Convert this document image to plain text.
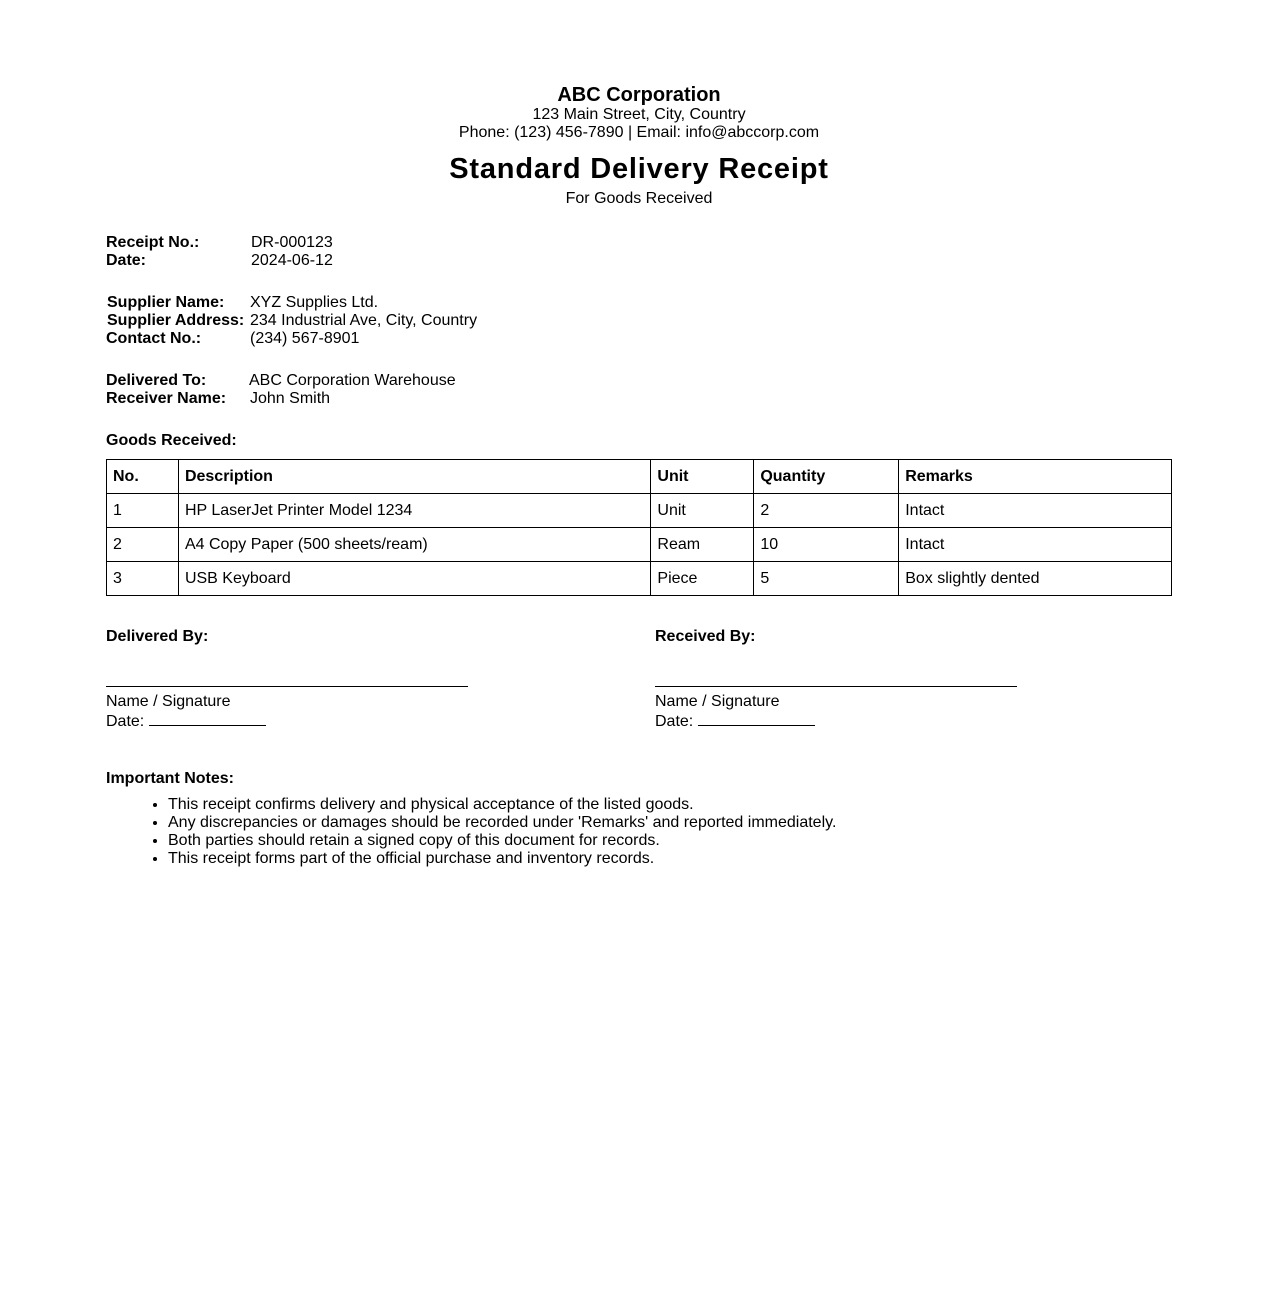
ABC Corporation
123 Main Street, City, Country
Phone: (123) 456-7890 | Email: info@abccorp.com
Standard Delivery Receipt
For Goods Received
Receipt No.:	DR-000123
Date:	2024-06-12
Supplier Name: XYZ Supplies Ltd.
Supplier Address: 234 Industrial Ave, City, Country
Contact No.:	(234) 567-8901
Delivered To:	ABC Corporation Warehouse
Receiver Name: John Smith
Goods Received:
No.	Description	Unit	Quantity	Remarks
1	HP LaserJet Printer Model 1234	Unit	2	Intact
2	A4 Copy Paper (500 sheets/ream)	Ream	10	Intact
3	USB Keyboard	Piece	5	Box slightly dented
Delivered By:
Name / Signature
Date:
Received By:
Name / Signature
Date:
Important Notes:
• This receipt confirms delivery and physical acceptance of the listed goods.
• Any discrepancies or damages should be recorded under 'Remarks' and reported immediately.
• Both parties should retain a signed copy of this document for records.
• This receipt forms part of the official purchase and inventory records.
